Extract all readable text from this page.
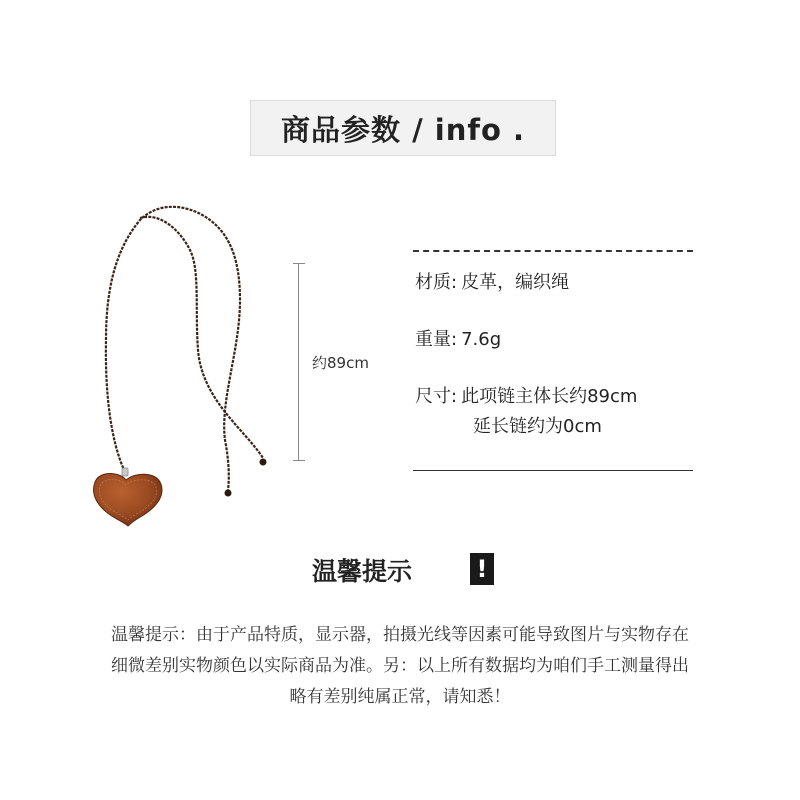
商品参数 / info .
约89cm
材质: 皮革，编织绳
重量: 7.6g
尺寸: 此项链主体长约89cm
延长链约为0cm
温馨提示	!
温馨提示：由于产品特质，显示器，拍摄光线等因素可能导致图片与实物存在
细微差别实物颜色以实际商品为准。另：以上所有数据均为咱们手工测量得出
略有差别纯属正常，请知悉！
